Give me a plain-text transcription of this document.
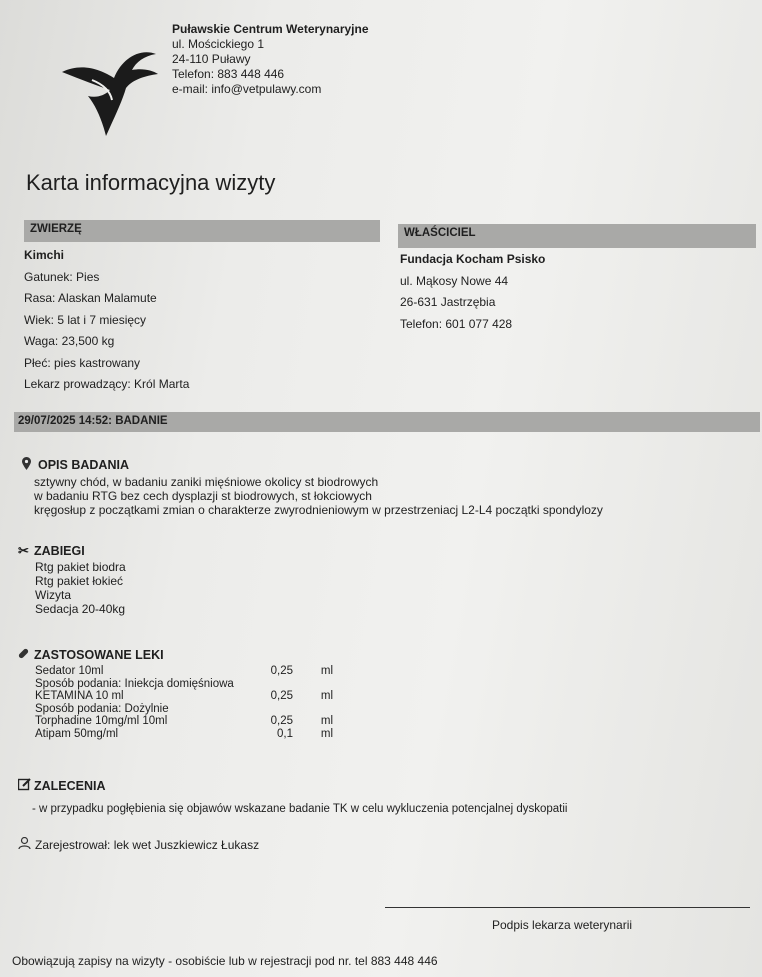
Puławskie Centrum Weterynaryjne
ul. Mościckiego 1
24-110 Puławy
Telefon: 883 448 446
e-mail: info@vetpulawy.com
Karta informacyjna wizyty
ZWIERZĘ	WŁAŚCICIEL
Kimchi
Gatunek: Pies
Rasa: Alaskan Malamute
Wiek: 5 lat i 7 miesięcy
Waga: 23,500 kg
Płeć: pies kastrowany
Lekarz prowadzący: Król Marta
Fundacja Kocham Psisko
ul. Mąkosy Nowe 44
26-631 Jastrzębia
Telefon: 601 077 428
29/07/2025 14:52: BADANIE
OPIS BADANIA
sztywny chód, w badaniu zaniki mięśniowe okolicy st biodrowych
w badaniu RTG bez cech dysplazji st biodrowych, st łokciowych
kręgosłup z początkami zmian o charakterze zwyrodnieniowym w przestrzeniacj L2-L4 początki spondylozy
✂ ZABIEGI
Rtg pakiet biodra
Rtg pakiet łokieć
Wizyta
Sedacja 20-40kg
ZASTOSOWANE LEKI
Sedator 10ml	0,25	ml
Sposób podania: Iniekcja domięśniowa
KETAMINA 10 ml	0,25	ml
Sposób podania: Dożylnie
Torphadine 10mg/ml 10ml	0,25	ml
Atipam 50mg/ml	0,1	ml
ZALECENIA
- w przypadku pogłębienia się objawów wskazane badanie TK w celu wykluczenia potencjalnej dyskopatii
Zarejestrował: lek wet Juszkiewicz Łukasz
Podpis lekarza weterynarii
Obowiązują zapisy na wizyty - osobiście lub w rejestracji pod nr. tel 883 448 446
